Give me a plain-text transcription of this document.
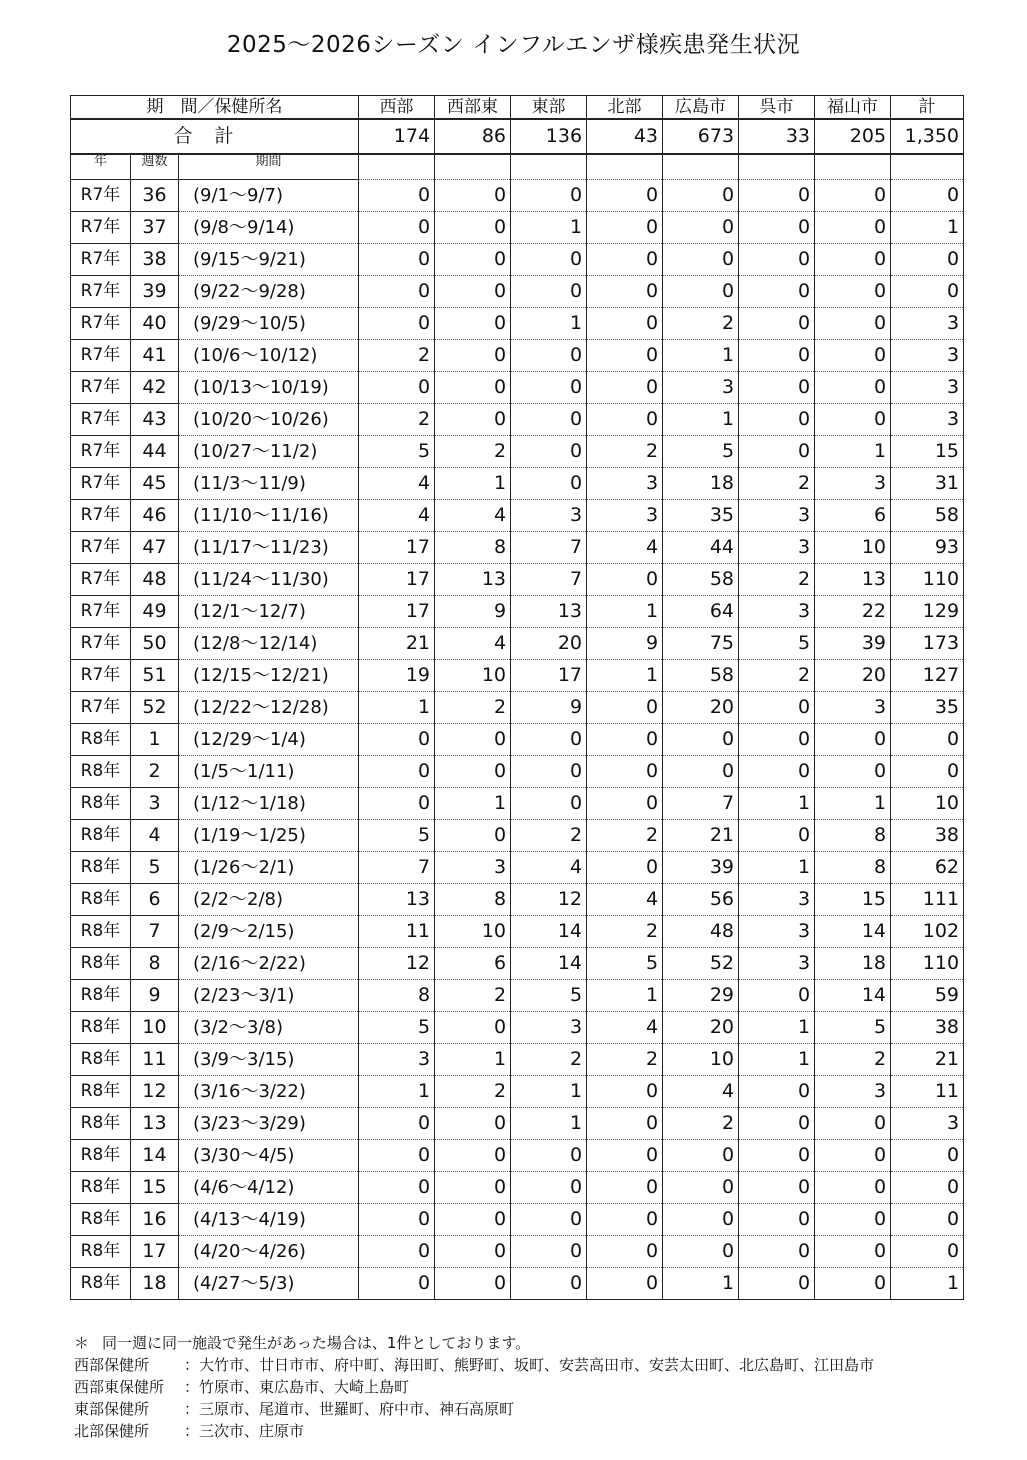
2025～2026シーズン インフルエンザ様疾患発生状況
期　間／保健所名			西部	西部東	東部	北部	広島市	呉市	福山市	計
合計			174	86	136	43	673	33	205	1,350
年	週数	期間								
R7年	36	(9/1～9/7)	0	0	0	0	0	0	0	0
R7年	37	(9/8～9/14)	0	0	1	0	0	0	0	1
R7年	38	(9/15～9/21)	0	0	0	0	0	0	0	0
R7年	39	(9/22～9/28)	0	0	0	0	0	0	0	0
R7年	40	(9/29～10/5)	0	0	1	0	2	0	0	3
R7年	41	(10/6～10/12)	2	0	0	0	1	0	0	3
R7年	42	(10/13～10/19)	0	0	0	0	3	0	0	3
R7年	43	(10/20～10/26)	2	0	0	0	1	0	0	3
R7年	44	(10/27～11/2)	5	2	0	2	5	0	1	15
R7年	45	(11/3～11/9)	4	1	0	3	18	2	3	31
R7年	46	(11/10～11/16)	4	4	3	3	35	3	6	58
R7年	47	(11/17～11/23)	17	8	7	4	44	3	10	93
R7年	48	(11/24～11/30)	17	13	7	0	58	2	13	110
R7年	49	(12/1～12/7)	17	9	13	1	64	3	22	129
R7年	50	(12/8～12/14)	21	4	20	9	75	5	39	173
R7年	51	(12/15～12/21)	19	10	17	1	58	2	20	127
R7年	52	(12/22～12/28)	1	2	9	0	20	0	3	35
R8年	1	(12/29～1/4)	0	0	0	0	0	0	0	0
R8年	2	(1/5～1/11)	0	0	0	0	0	0	0	0
R8年	3	(1/12～1/18)	0	1	0	0	7	1	1	10
R8年	4	(1/19～1/25)	5	0	2	2	21	0	8	38
R8年	5	(1/26～2/1)	7	3	4	0	39	1	8	62
R8年	6	(2/2～2/8)	13	8	12	4	56	3	15	111
R8年	7	(2/9～2/15)	11	10	14	2	48	3	14	102
R8年	8	(2/16～2/22)	12	6	14	5	52	3	18	110
R8年	9	(2/23～3/1)	8	2	5	1	29	0	14	59
R8年	10	(3/2～3/8)	5	0	3	4	20	1	5	38
R8年	11	(3/9～3/15)	3	1	2	2	10	1	2	21
R8年	12	(3/16～3/22)	1	2	1	0	4	0	3	11
R8年	13	(3/23～3/29)	0	0	1	0	2	0	0	3
R8年	14	(3/30～4/5)	0	0	0	0	0	0	0	0
R8年	15	(4/6～4/12)	0	0	0	0	0	0	0	0
R8年	16	(4/13～4/19)	0	0	0	0	0	0	0	0
R8年	17	(4/20～4/26)	0	0	0	0	0	0	0	0
R8年	18	(4/27～5/3)	0	0	0	0	1	0	0	1
＊ 同一週に同一施設で発生があった場合は、1件としております。
西部保健所 ：大竹市、廿日市市、府中町、海田町、熊野町、坂町、安芸高田市、安芸太田町、北広島町、江田島市
西部東保健所 ：竹原市、東広島市、大崎上島町
東部保健所 ：三原市、尾道市、世羅町、府中市、神石高原町
北部保健所 ：三次市、庄原市
